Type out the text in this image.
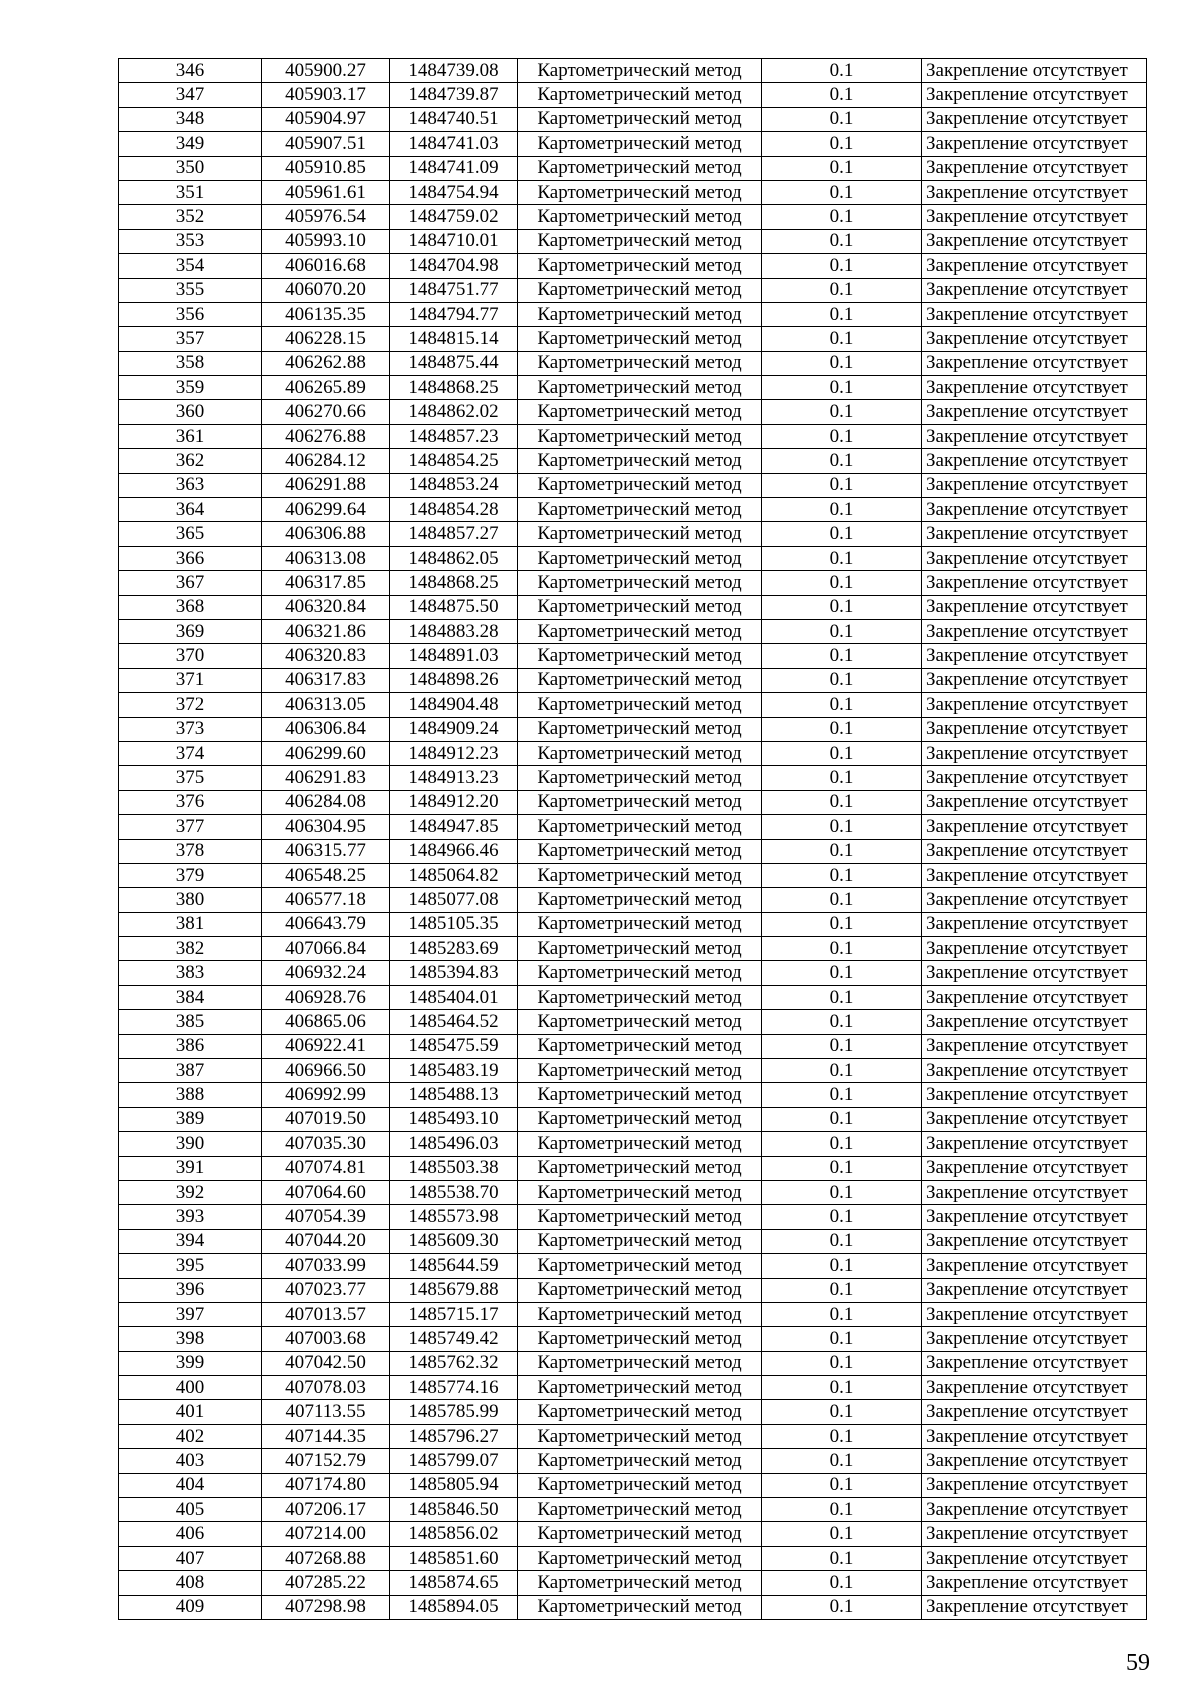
346	405900.27	1484739.08	Картометрический метод	0.1	Закрепление отсутствует
347	405903.17	1484739.87	Картометрический метод	0.1	Закрепление отсутствует
348	405904.97	1484740.51	Картометрический метод	0.1	Закрепление отсутствует
349	405907.51	1484741.03	Картометрический метод	0.1	Закрепление отсутствует
350	405910.85	1484741.09	Картометрический метод	0.1	Закрепление отсутствует
351	405961.61	1484754.94	Картометрический метод	0.1	Закрепление отсутствует
352	405976.54	1484759.02	Картометрический метод	0.1	Закрепление отсутствует
353	405993.10	1484710.01	Картометрический метод	0.1	Закрепление отсутствует
354	406016.68	1484704.98	Картометрический метод	0.1	Закрепление отсутствует
355	406070.20	1484751.77	Картометрический метод	0.1	Закрепление отсутствует
356	406135.35	1484794.77	Картометрический метод	0.1	Закрепление отсутствует
357	406228.15	1484815.14	Картометрический метод	0.1	Закрепление отсутствует
358	406262.88	1484875.44	Картометрический метод	0.1	Закрепление отсутствует
359	406265.89	1484868.25	Картометрический метод	0.1	Закрепление отсутствует
360	406270.66	1484862.02	Картометрический метод	0.1	Закрепление отсутствует
361	406276.88	1484857.23	Картометрический метод	0.1	Закрепление отсутствует
362	406284.12	1484854.25	Картометрический метод	0.1	Закрепление отсутствует
363	406291.88	1484853.24	Картометрический метод	0.1	Закрепление отсутствует
364	406299.64	1484854.28	Картометрический метод	0.1	Закрепление отсутствует
365	406306.88	1484857.27	Картометрический метод	0.1	Закрепление отсутствует
366	406313.08	1484862.05	Картометрический метод	0.1	Закрепление отсутствует
367	406317.85	1484868.25	Картометрический метод	0.1	Закрепление отсутствует
368	406320.84	1484875.50	Картометрический метод	0.1	Закрепление отсутствует
369	406321.86	1484883.28	Картометрический метод	0.1	Закрепление отсутствует
370	406320.83	1484891.03	Картометрический метод	0.1	Закрепление отсутствует
371	406317.83	1484898.26	Картометрический метод	0.1	Закрепление отсутствует
372	406313.05	1484904.48	Картометрический метод	0.1	Закрепление отсутствует
373	406306.84	1484909.24	Картометрический метод	0.1	Закрепление отсутствует
374	406299.60	1484912.23	Картометрический метод	0.1	Закрепление отсутствует
375	406291.83	1484913.23	Картометрический метод	0.1	Закрепление отсутствует
376	406284.08	1484912.20	Картометрический метод	0.1	Закрепление отсутствует
377	406304.95	1484947.85	Картометрический метод	0.1	Закрепление отсутствует
378	406315.77	1484966.46	Картометрический метод	0.1	Закрепление отсутствует
379	406548.25	1485064.82	Картометрический метод	0.1	Закрепление отсутствует
380	406577.18	1485077.08	Картометрический метод	0.1	Закрепление отсутствует
381	406643.79	1485105.35	Картометрический метод	0.1	Закрепление отсутствует
382	407066.84	1485283.69	Картометрический метод	0.1	Закрепление отсутствует
383	406932.24	1485394.83	Картометрический метод	0.1	Закрепление отсутствует
384	406928.76	1485404.01	Картометрический метод	0.1	Закрепление отсутствует
385	406865.06	1485464.52	Картометрический метод	0.1	Закрепление отсутствует
386	406922.41	1485475.59	Картометрический метод	0.1	Закрепление отсутствует
387	406966.50	1485483.19	Картометрический метод	0.1	Закрепление отсутствует
388	406992.99	1485488.13	Картометрический метод	0.1	Закрепление отсутствует
389	407019.50	1485493.10	Картометрический метод	0.1	Закрепление отсутствует
390	407035.30	1485496.03	Картометрический метод	0.1	Закрепление отсутствует
391	407074.81	1485503.38	Картометрический метод	0.1	Закрепление отсутствует
392	407064.60	1485538.70	Картометрический метод	0.1	Закрепление отсутствует
393	407054.39	1485573.98	Картометрический метод	0.1	Закрепление отсутствует
394	407044.20	1485609.30	Картометрический метод	0.1	Закрепление отсутствует
395	407033.99	1485644.59	Картометрический метод	0.1	Закрепление отсутствует
396	407023.77	1485679.88	Картометрический метод	0.1	Закрепление отсутствует
397	407013.57	1485715.17	Картометрический метод	0.1	Закрепление отсутствует
398	407003.68	1485749.42	Картометрический метод	0.1	Закрепление отсутствует
399	407042.50	1485762.32	Картометрический метод	0.1	Закрепление отсутствует
400	407078.03	1485774.16	Картометрический метод	0.1	Закрепление отсутствует
401	407113.55	1485785.99	Картометрический метод	0.1	Закрепление отсутствует
402	407144.35	1485796.27	Картометрический метод	0.1	Закрепление отсутствует
403	407152.79	1485799.07	Картометрический метод	0.1	Закрепление отсутствует
404	407174.80	1485805.94	Картометрический метод	0.1	Закрепление отсутствует
405	407206.17	1485846.50	Картометрический метод	0.1	Закрепление отсутствует
406	407214.00	1485856.02	Картометрический метод	0.1	Закрепление отсутствует
407	407268.88	1485851.60	Картометрический метод	0.1	Закрепление отсутствует
408	407285.22	1485874.65	Картометрический метод	0.1	Закрепление отсутствует
409	407298.98	1485894.05	Картометрический метод	0.1	Закрепление отсутствует
59
